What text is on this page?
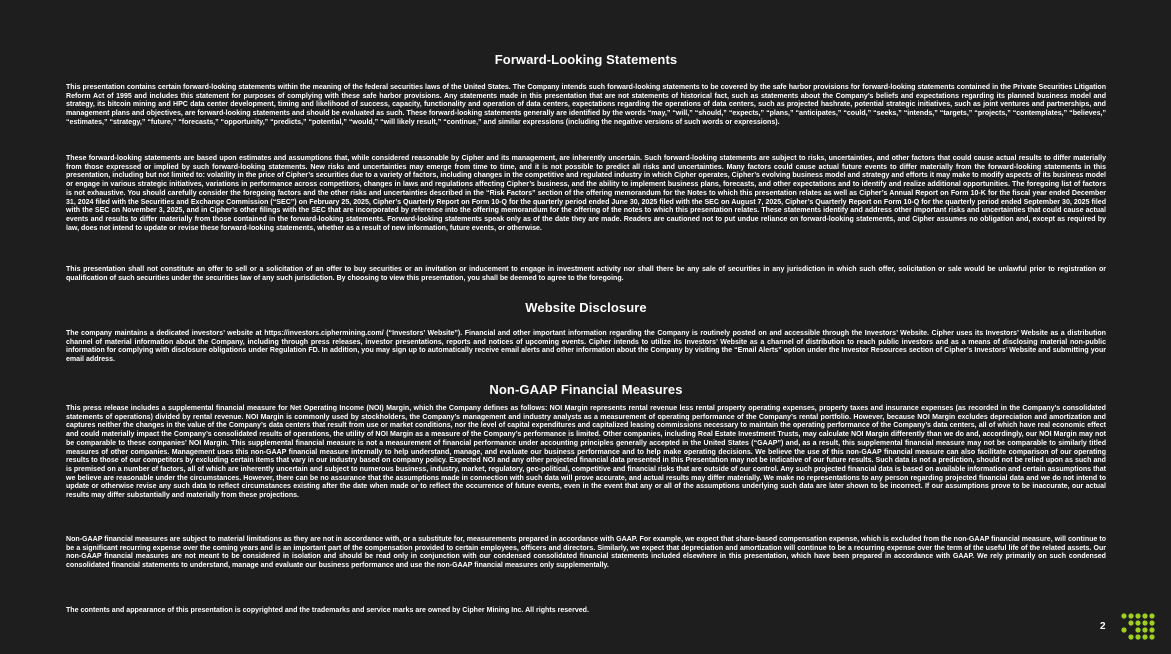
Forward-Looking Statements

This presentation contains certain forward-looking statements within the meaning of the federal securities laws of the United States. The Company intends such forward-looking statements to be covered by the safe harbor provisions for forward-looking statements contained in the Private Securities Litigation Reform Act of 1995 and includes this statement for purposes of complying with these safe harbor provisions. Any statements made in this presentation that are not statements of historical fact, such as statements about the Company’s beliefs and expectations regarding its planned business model and strategy, its bitcoin mining and HPC data center development, timing and likelihood of success, capacity, functionality and operation of data centers, expectations regarding the operations of data centers, such as projected hashrate, potential strategic initiatives, such as joint ventures and partnerships, and management plans and objectives, are forward-looking statements and should be evaluated as such. These forward-looking statements generally are identified by the words “may,” “will,” “should,” “expects,” “plans,” “anticipates,” “could,” “seeks,” “intends,” “targets,” “projects,” “contemplates,” “believes,” “estimates,” “strategy,” “future,” “forecasts,” “opportunity,” “predicts,” “potential,” “would,” “will likely result,” “continue,” and similar expressions (including the negative versions of such words or expressions).

These forward-looking statements are based upon estimates and assumptions that, while considered reasonable by Cipher and its management, are inherently uncertain. Such forward-looking statements are subject to risks, uncertainties, and other factors that could cause actual results to differ materially from those expressed or implied by such forward-looking statements. New risks and uncertainties may emerge from time to time, and it is not possible to predict all risks and uncertainties. Many factors could cause actual future events to differ materially from the forward-looking statements in this presentation, including but not limited to: volatility in the price of Cipher’s securities due to a variety of factors, including changes in the competitive and regulated industry in which Cipher operates, Cipher’s evolving business model and strategy and efforts it may make to modify aspects of its business model or engage in various strategic initiatives, variations in performance across competitors, changes in laws and regulations affecting Cipher’s business, and the ability to implement business plans, forecasts, and other expectations and to identify and realize additional opportunities. The foregoing list of factors is not exhaustive. You should carefully consider the foregoing factors and the other risks and uncertainties described in the “Risk Factors” section of the offering memorandum for the Notes to which this presentation relates as well as Cipher’s Annual Report on Form 10-K for the fiscal year ended December 31, 2024 filed with the Securities and Exchange Commission (“SEC”) on February 25, 2025, Cipher’s Quarterly Report on Form 10-Q for the quarterly period ended June 30, 2025 filed with the SEC on August 7, 2025, Cipher’s Quarterly Report on Form 10-Q for the quarterly period ended September 30, 2025 filed with the SEC on November 3, 2025, and in Cipher’s other filings with the SEC that are incorporated by reference into the offering memorandum for the offering of the notes to which this presentation relates. These statements identify and address other important risks and uncertainties that could cause actual events and results to differ materially from those contained in the forward-looking statements. Forward-looking statements speak only as of the date they are made. Readers are cautioned not to put undue reliance on forward-looking statements, and Cipher assumes no obligation and, except as required by law, does not intend to update or revise these forward-looking statements, whether as a result of new information, future events, or otherwise.

This presentation shall not constitute an offer to sell or a solicitation of an offer to buy securities or an invitation or inducement to engage in investment activity nor shall there be any sale of securities in any jurisdiction in which such offer, solicitation or sale would be unlawful prior to registration or qualification of such securities under the securities law of any such jurisdiction. By choosing to view this presentation, you shall be deemed to agree to the foregoing.

Website Disclosure

The company maintains a dedicated investors’ website at https://investors.ciphermining.com/ (“Investors’ Website”). Financial and other important information regarding the Company is routinely posted on and accessible through the Investors’ Website. Cipher uses its Investors’ Website as a distribution channel of material information about the Company, including through press releases, investor presentations, reports and notices of upcoming events. Cipher intends to utilize its Investors’ Website as a channel of distribution to reach public investors and as a means of disclosing material non-public information for complying with disclosure obligations under Regulation FD. In addition, you may sign up to automatically receive email alerts and other information about the Company by visiting the “Email Alerts” option under the Investor Resources section of Cipher’s Investors’ Website and submitting your email address.

Non-GAAP Financial Measures

This press release includes a supplemental financial measure for Net Operating Income (NOI) Margin, which the Company defines as follows: NOI Margin represents rental revenue less rental property operating expenses, property taxes and insurance expenses (as recorded in the Company’s consolidated statements of operations) divided by rental revenue. NOI Margin is commonly used by stockholders, the Company’s management and industry analysts as a measurement of operating performance of the Company’s rental portfolio. However, because NOI Margin excludes depreciation and amortization and captures neither the changes in the value of the Company’s data centers that result from use or market conditions, nor the level of capital expenditures and capitalized leasing commissions necessary to maintain the operating performance of the Company’s data centers, all of which have real economic effect and could materially impact the Company’s consolidated results of operations, the utility of NOI Margin as a measure of the Company’s performance is limited. Other companies, including Real Estate Investment Trusts, may calculate NOI Margin differently than we do and, accordingly, our NOI Margin may not be comparable to these companies’ NOI Margin. This supplemental financial measure is not a measurement of financial performance under accounting principles generally accepted in the United States (“GAAP”) and, as a result, this supplemental financial measure may not be comparable to similarly titled measures of other companies. Management uses this non-GAAP financial measure internally to help understand, manage, and evaluate our business performance and to help make operating decisions. We believe the use of this non-GAAP financial measure can also facilitate comparison of our operating results to those of our competitors by excluding certain items that vary in our industry based on company policy. Expected NOI and any other projected financial data presented in this Presentation may not be indicative of our future results. Such data is not a prediction, should not be relied upon as such and is premised on a number of factors, all of which are inherently uncertain and subject to numerous business, industry, market, regulatory, geo-political, competitive and financial risks that are outside of our control. Any such projected financial data is based on available information and certain assumptions that we believe are reasonable under the circumstances. However, there can be no assurance that the assumptions made in connection with such data will prove accurate, and actual results may differ materially. We make no representations to any person regarding projected financial data and we do not intend to update or otherwise revise any such data to reflect circumstances existing after the date when made or to reflect the occurrence of future events, even in the event that any or all of the assumptions underlying such data are later shown to be incorrect. If our assumptions prove to be inaccurate, our actual results may differ substantially and materially from these projections.

Non-GAAP financial measures are subject to material limitations as they are not in accordance with, or a substitute for, measurements prepared in accordance with GAAP. For example, we expect that share-based compensation expense, which is excluded from the non-GAAP financial measure, will continue to be a significant recurring expense over the coming years and is an important part of the compensation provided to certain employees, officers and directors. Similarly, we expect that depreciation and amortization will continue to be a recurring expense over the term of the useful life of the related assets. Our non-GAAP financial measures are not meant to be considered in isolation and should be read only in conjunction with our condensed consolidated financial statements included elsewhere in this presentation, which have been prepared in accordance with GAAP. We rely primarily on such condensed consolidated financial statements to understand, manage and evaluate our business performance and use the non-GAAP financial measures only supplementally.

The contents and appearance of this presentation is copyrighted and the trademarks and service marks are owned by Cipher Mining Inc. All rights reserved.

2
